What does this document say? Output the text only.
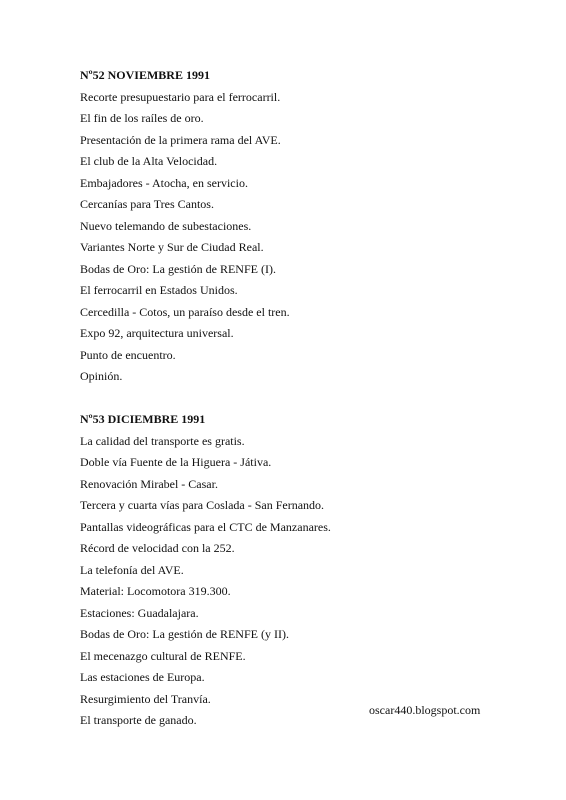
Nº52 NOVIEMBRE 1991
Recorte presupuestario para el ferrocarril.
El fin de los raíles de oro.
Presentación de la primera rama del AVE.
El club de la Alta Velocidad.
Embajadores - Atocha, en servicio.
Cercanías para Tres Cantos.
Nuevo telemando de subestaciones.
Variantes Norte y Sur de Ciudad Real.
Bodas de Oro: La gestión de RENFE (I).
El ferrocarril en Estados Unidos.
Cercedilla - Cotos, un paraíso desde el tren.
Expo 92, arquitectura universal.
Punto de encuentro.
Opinión.
Nº53 DICIEMBRE 1991
La calidad del transporte es gratis.
Doble vía Fuente de la Higuera - Játiva.
Renovación Mirabel - Casar.
Tercera y cuarta vías para Coslada - San Fernando.
Pantallas videográficas para el CTC de Manzanares.
Récord de velocidad con la 252.
La telefonía del AVE.
Material: Locomotora 319.300.
Estaciones: Guadalajara.
Bodas de Oro: La gestión de RENFE (y II).
El mecenazgo cultural de RENFE.
Las estaciones de Europa.
Resurgimiento del Tranvía.
El transporte de ganado.
oscar440.blogspot.com
